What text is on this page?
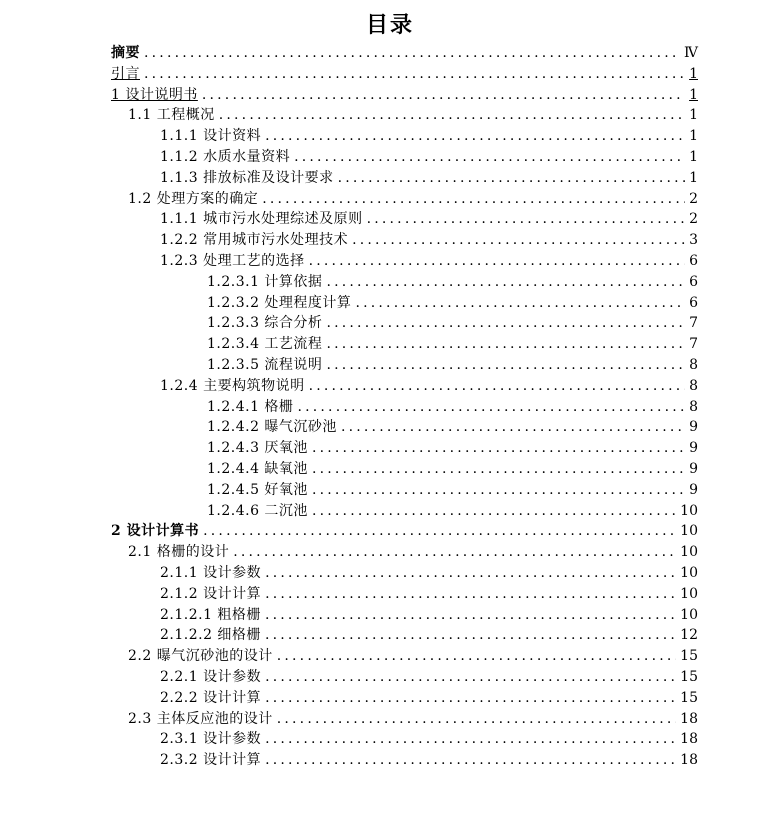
目录
摘要 .....	Ⅳ
引言 .....	1
1 设计说明书 .....	1
1.1 工程概况 .....	1
1.1.1 设计资料 .....	1
1.1.2 水质水量资料 .....	1
1.1.3 排放标准及设计要求 .....	1
1.2 处理方案的确定 .....	2
1.1.1 城市污水处理综述及原则 .....	2
1.2.2 常用城市污水处理技术 .....	3
1.2.3 处理工艺的选择 .....	6
1.2.3.1 计算依据 .....	6
1.2.3.2 处理程度计算 .....	6
1.2.3.3 综合分析 .....	7
1.2.3.4 工艺流程 .....	7
1.2.3.5 流程说明 .....	8
1.2.4 主要构筑物说明 .....	8
1.2.4.1 格栅 .....	8
1.2.4.2 曝气沉砂池 .....	9
1.2.4.3 厌氧池 .....	9
1.2.4.4 缺氧池 .....	9
1.2.4.5 好氧池 .....	9
1.2.4.6 二沉池 .....	10
2 设计计算书 .....	10
2.1 格栅的设计 .....	10
2.1.1 设计参数 .....	10
2.1.2 设计计算 .....	10
2.1.2.1 粗格栅 .....	10
2.1.2.2 细格栅 .....	12
2.2 曝气沉砂池的设计 .....	15
2.2.1 设计参数 .....	15
2.2.2 设计计算 .....	15
2.3 主体反应池的设计 .....	18
2.3.1 设计参数 .....	18
2.3.2 设计计算 .....	18
